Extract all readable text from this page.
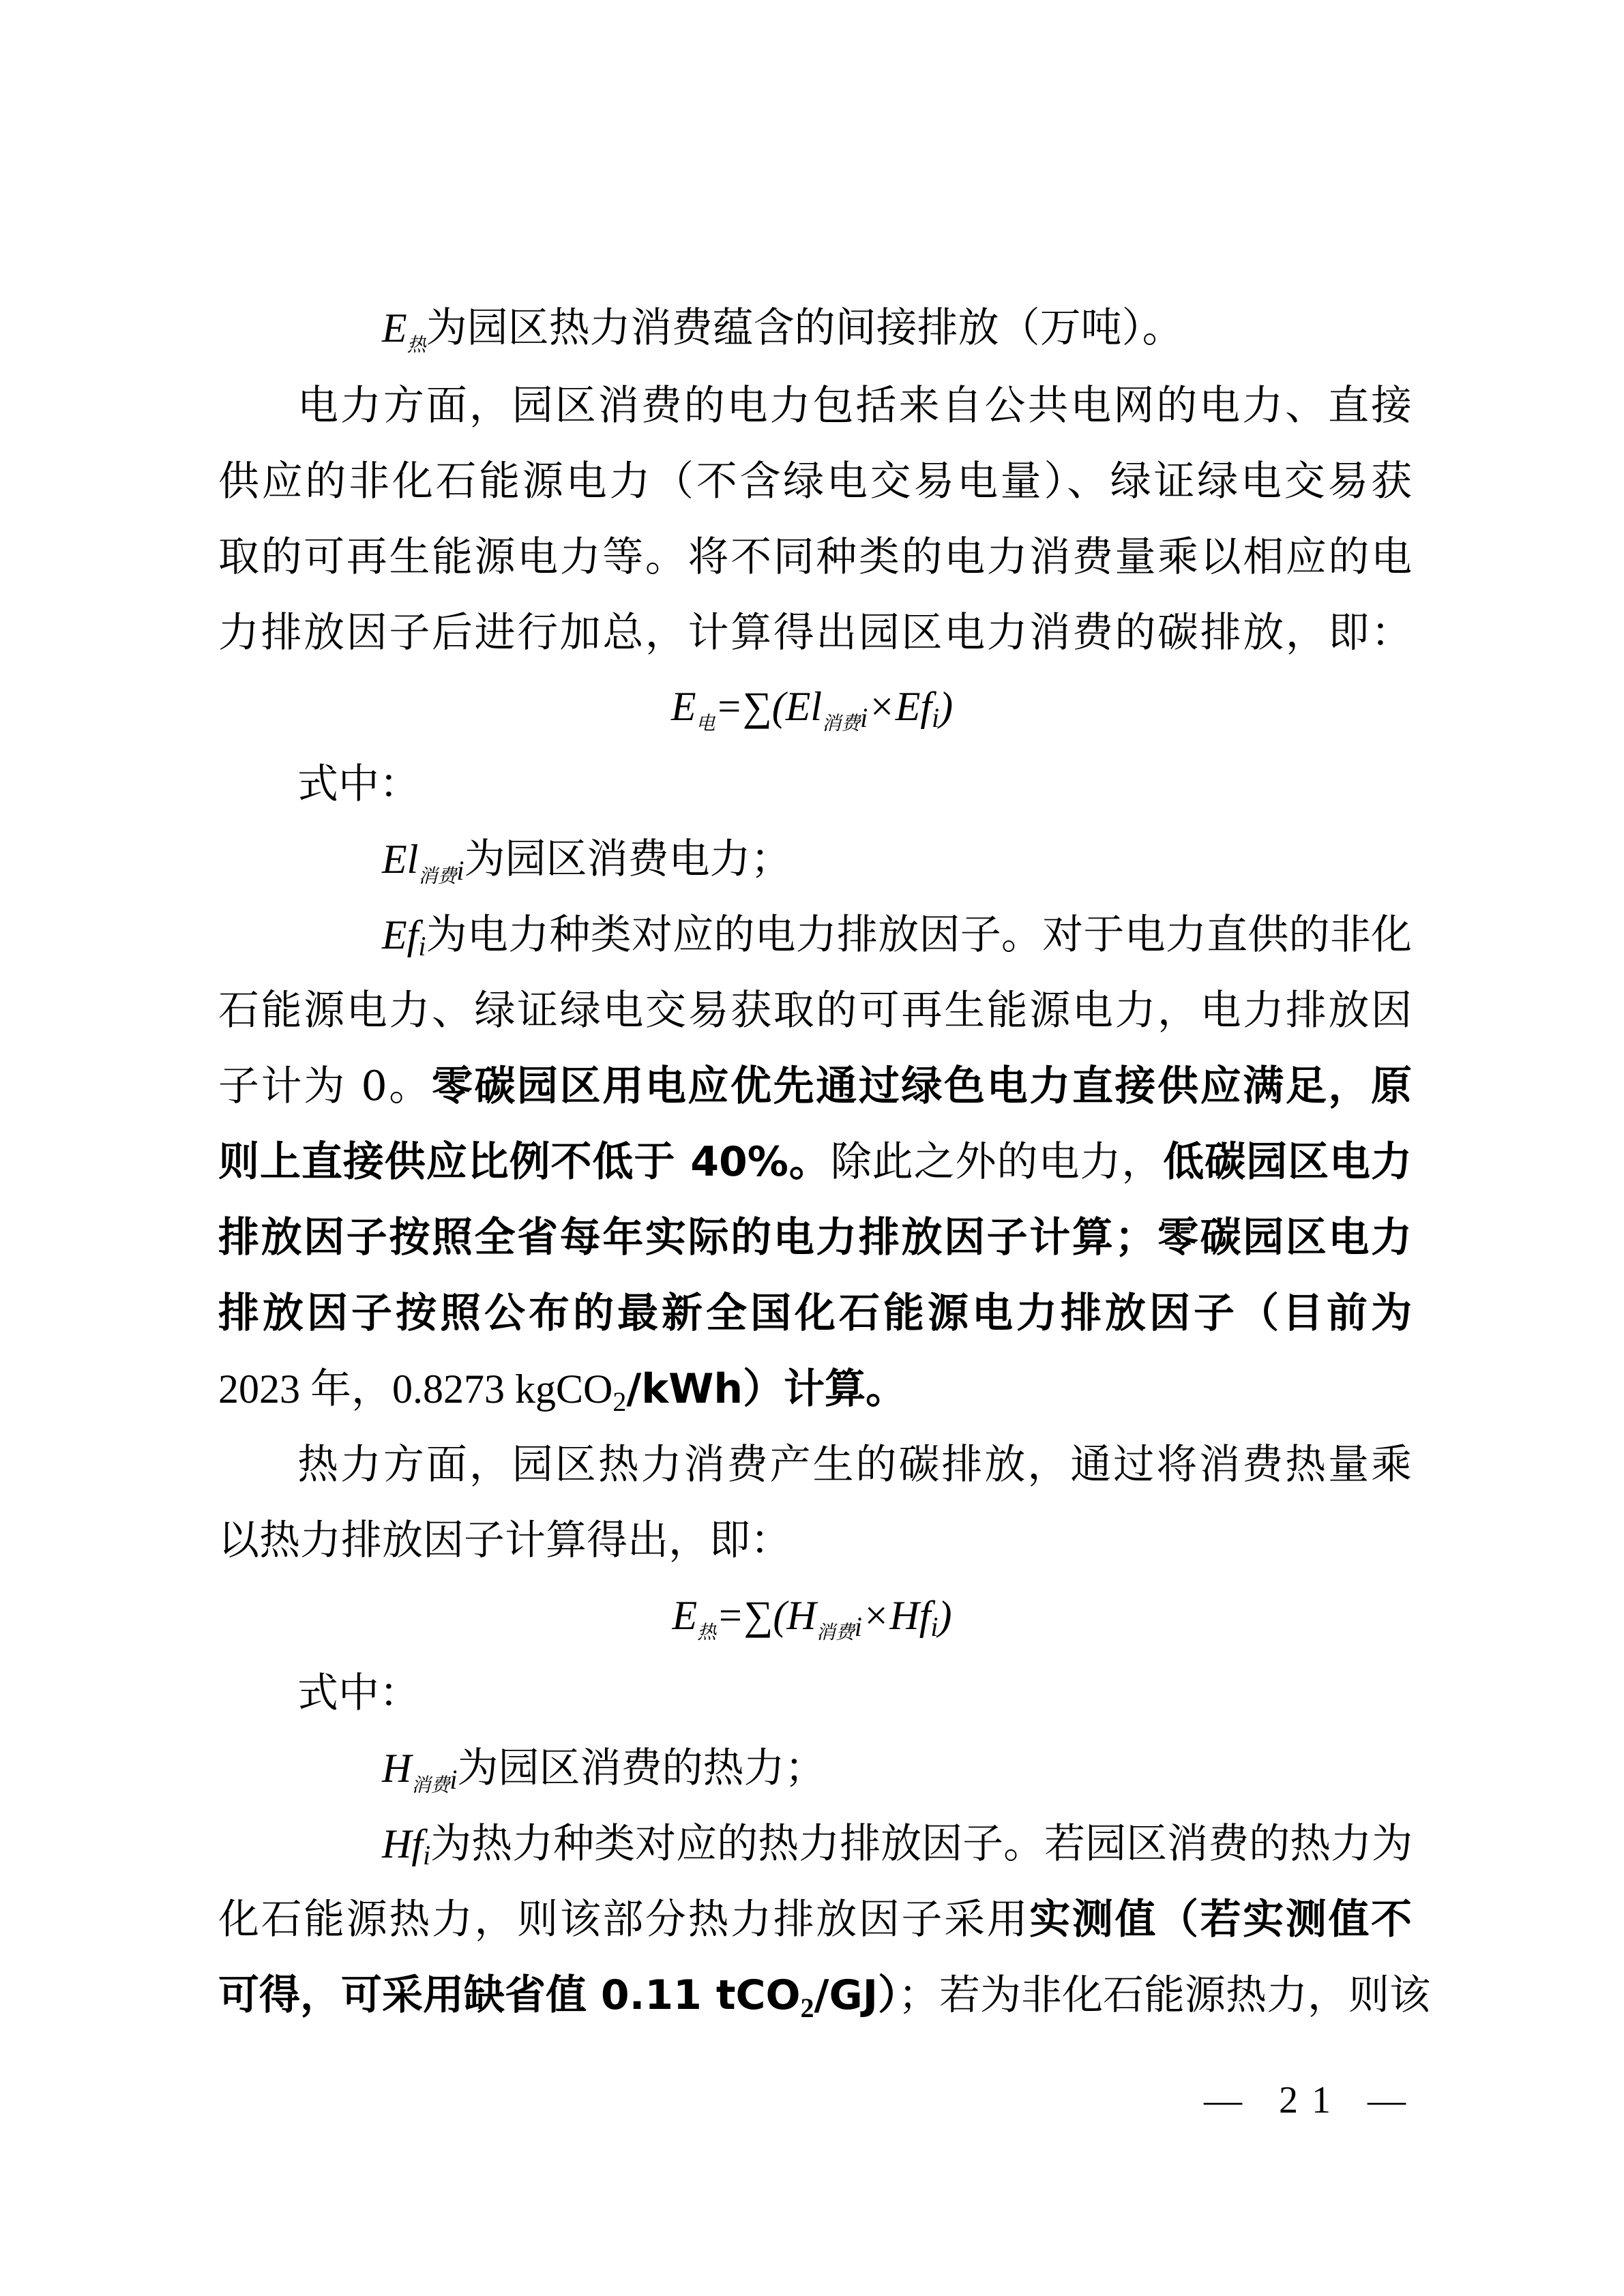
$E_热$为园区热力消费蕴含的间接排放（万吨）。
电力方面，园区消费的电力包括来自公共电网的电力、直接
供应的非化石能源电力（不含绿电交易电量）、绿证绿电交易获
取的可再生能源电力等。将不同种类的电力消费量乘以相应的电
力排放因子后进行加总，计算得出园区电力消费的碳排放，即：
$E_电=\sum(El_{消费}i\times Efi)$
式中：
$El_{消费}i$为园区消费电力；
Efi为电力种类对应的电力排放因子。对于电力直供的非化
石能源电力、绿证绿电交易获取的可再生能源电力，电力排放因
子计为 0。零碳园区用电应优先通过绿色电力直接供应满足，原
则上直接供应比例不低于 40%。除此之外的电力，低碳园区电力
排放因子按照全省每年实际的电力排放因子计算；零碳园区电力
排放因子按照公布的最新全国化石能源电力排放因子（目前为
2023 年，0.8273 kgCO$_2$/kWh）计算。
热力方面，园区热力消费产生的碳排放，通过将消费热量乘
以热力排放因子计算得出，即：
$E_热=\sum(H_{消费}i\times Hfi)$
式中：
$H_{消费}i$为园区消费的热力；
Hfi为热力种类对应的热力排放因子。若园区消费的热力为
化石能源热力，则该部分热力排放因子采用实测值（若实测值不
可得，可采用缺省值 0.11 tCO$_2$/GJ）；若为非化石能源热力，则该
— 21 —
